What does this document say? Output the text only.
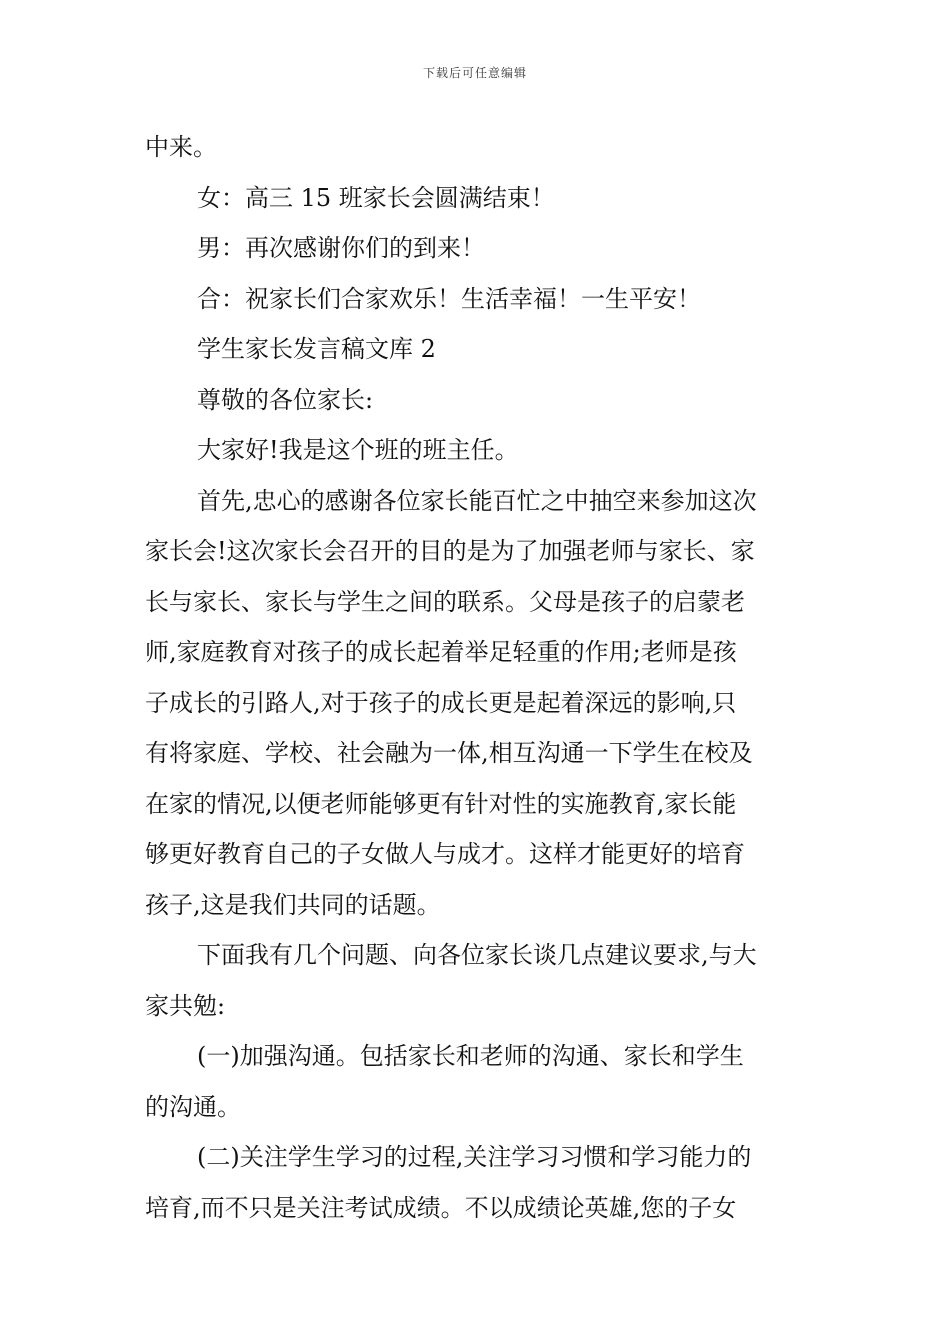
下载后可任意编辑
中来。
女：高三 15 班家长会圆满结束！
男：再次感谢你们的到来！
合：祝家长们合家欢乐！生活幸福！一生平安！
学生家长发言稿文库 2
尊敬的各位家长:
大家好!我是这个班的班主任。
首先,忠心的感谢各位家长能百忙之中抽空来参加这次
家长会!这次家长会召开的目的是为了加强老师与家长、家
长与家长、家长与学生之间的联系。父母是孩子的启蒙老
师,家庭教育对孩子的成长起着举足轻重的作用;老师是孩
子成长的引路人,对于孩子的成长更是起着深远的影响,只
有将家庭、学校、社会融为一体,相互沟通一下学生在校及
在家的情况,以便老师能够更有针对性的实施教育,家长能
够更好教育自己的子女做人与成才。这样才能更好的培育
孩子,这是我们共同的话题。
下面我有几个问题、向各位家长谈几点建议要求,与大
家共勉:
(一)加强沟通。包括家长和老师的沟通、家长和学生
的沟通。
(二)关注学生学习的过程,关注学习习惯和学习能力的
培育,而不只是关注考试成绩。不以成绩论英雄,您的子女
